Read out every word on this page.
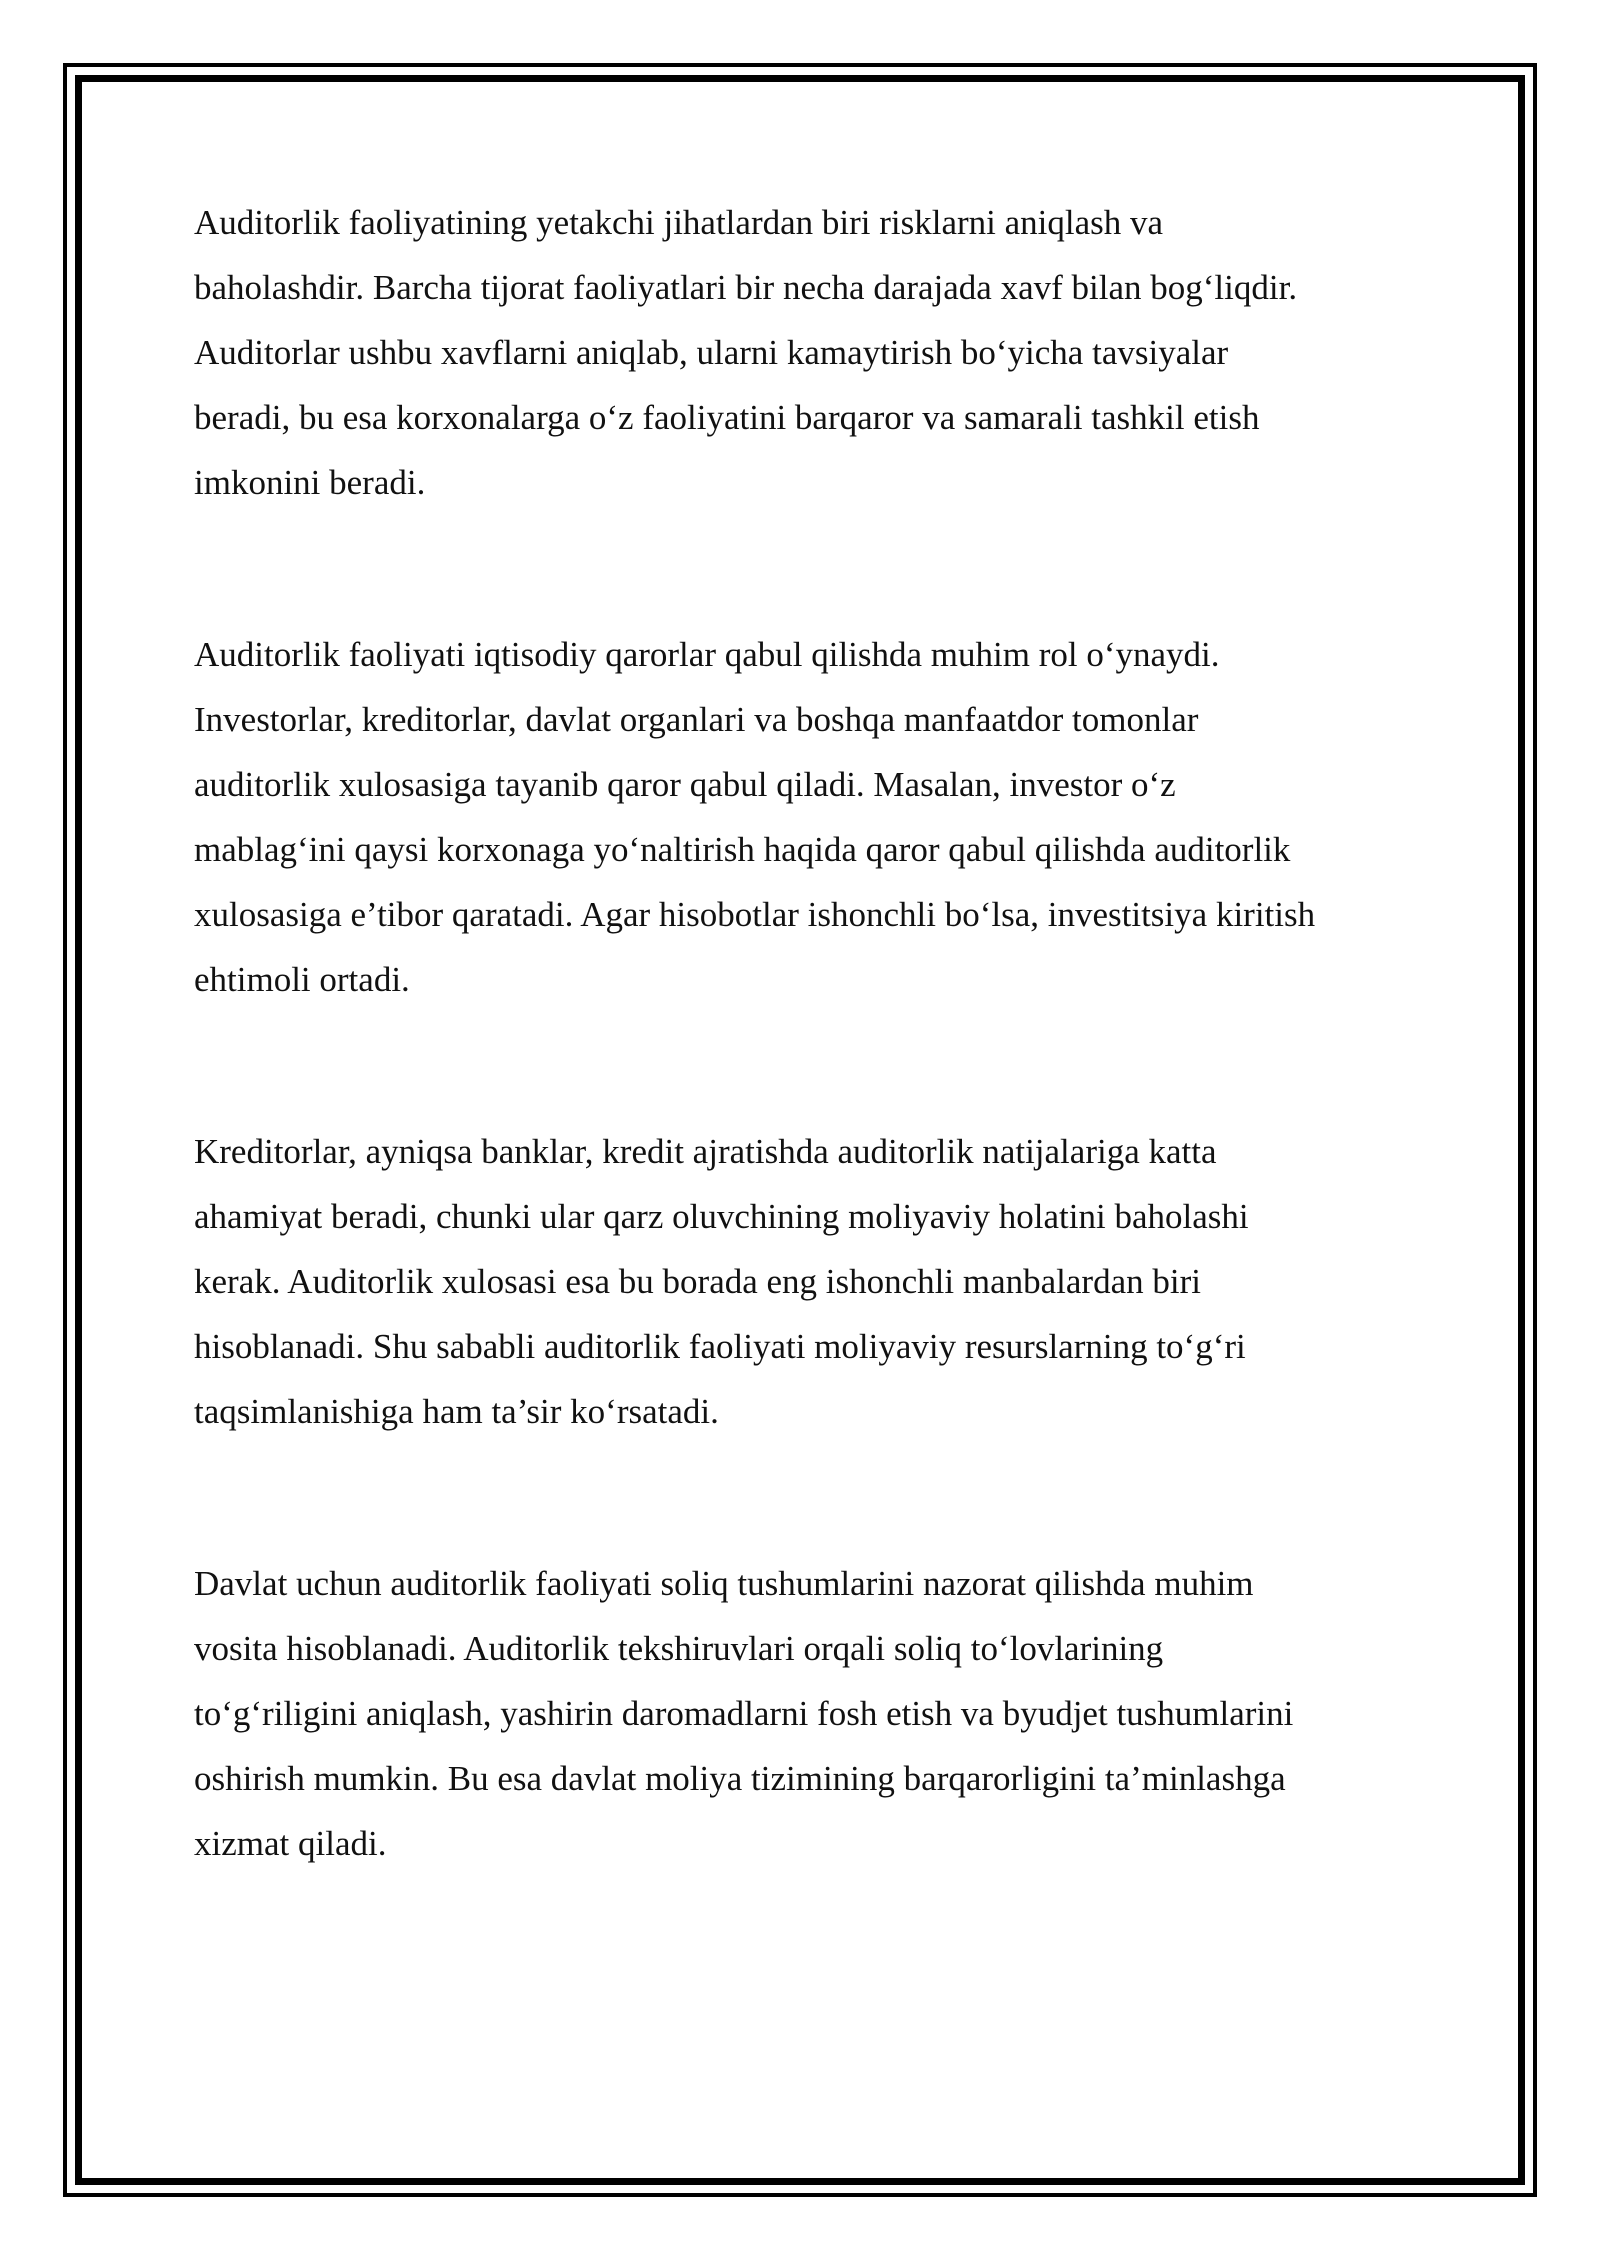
Auditorlik faoliyatining yetakchi jihatlardan biri risklarni aniqlash va
baholashdir. Barcha tijorat faoliyatlari bir necha darajada xavf bilan bog‘liqdir.
Auditorlar ushbu xavflarni aniqlab, ularni kamaytirish bo‘yicha tavsiyalar
beradi, bu esa korxonalarga o‘z faoliyatini barqaror va samarali tashkil etish
imkonini beradi.

Auditorlik faoliyati iqtisodiy qarorlar qabul qilishda muhim rol o‘ynaydi.
Investorlar, kreditorlar, davlat organlari va boshqa manfaatdor tomonlar
auditorlik xulosasiga tayanib qaror qabul qiladi. Masalan, investor o‘z
mablag‘ini qaysi korxonaga yo‘naltirish haqida qaror qabul qilishda auditorlik
xulosasiga e’tibor qaratadi. Agar hisobotlar ishonchli bo‘lsa, investitsiya kiritish
ehtimoli ortadi.

Kreditorlar, ayniqsa banklar, kredit ajratishda auditorlik natijalariga katta
ahamiyat beradi, chunki ular qarz oluvchining moliyaviy holatini baholashi
kerak. Auditorlik xulosasi esa bu borada eng ishonchli manbalardan biri
hisoblanadi. Shu sababli auditorlik faoliyati moliyaviy resurslarning to‘g‘ri
taqsimlanishiga ham ta’sir ko‘rsatadi.

Davlat uchun auditorlik faoliyati soliq tushumlarini nazorat qilishda muhim
vosita hisoblanadi. Auditorlik tekshiruvlari orqali soliq to‘lovlarining
to‘g‘riligini aniqlash, yashirin daromadlarni fosh etish va byudjet tushumlarini
oshirish mumkin. Bu esa davlat moliya tizimining barqarorligini ta’minlashga
xizmat qiladi.
